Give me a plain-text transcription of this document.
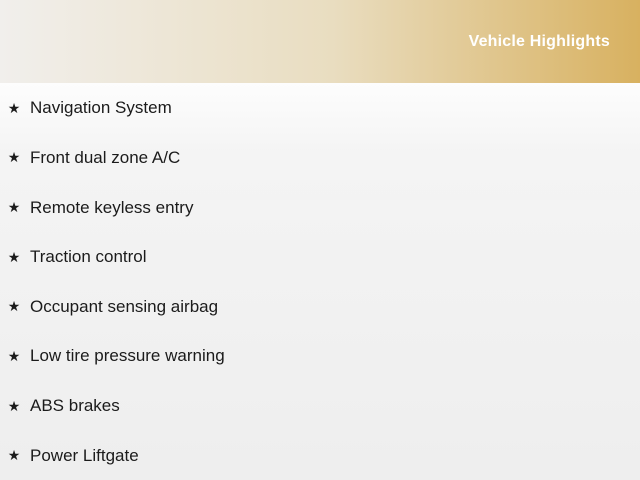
Vehicle Highlights
★ Navigation System
★ Front dual zone A/C
★ Remote keyless entry
★ Traction control
★ Occupant sensing airbag
★ Low tire pressure warning
★ ABS brakes
★ Power Liftgate
